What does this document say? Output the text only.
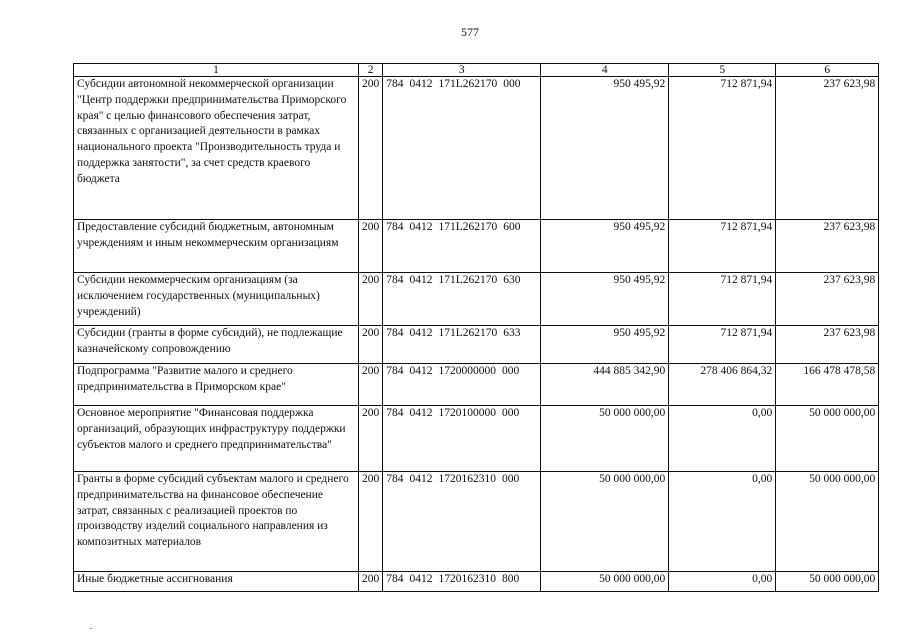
577
1	2	3	4	5	6
Субсидии автономной некоммерческой организации "Центр поддержки предпринимательства Приморского края" с целью финансового обеспечения затрат, связанных с организацией деятельности в рамках национального проекта "Производительность труда и поддержка занятости", за счет средств краевого бюджета	200	784 0412 171L262170 000	950 495,92	712 871,94	237 623,98
Предоставление субсидий бюджетным, автономным учреждениям и иным некоммерческим организациям	200	784 0412 171L262170 600	950 495,92	712 871,94	237 623,98
Субсидии некоммерческим организациям (за исключением государственных (муниципальных) учреждений)	200	784 0412 171L262170 630	950 495,92	712 871,94	237 623,98
Субсидии (гранты в форме субсидий), не подлежащие казначейскому сопровождению	200	784 0412 171L262170 633	950 495,92	712 871,94	237 623,98
Подпрограмма "Развитие малого и среднего предпринимательства в Приморском крае"	200	784 0412 1720000000 000	444 885 342,90	278 406 864,32	166 478 478,58
Основное мероприятие "Финансовая поддержка организаций, образующих инфраструктуру поддержки субъектов малого и среднего предпринимательства"	200	784 0412 1720100000 000	50 000 000,00	0,00	50 000 000,00
Гранты в форме субсидий субъектам малого и среднего предпринимательства на финансовое обеспечение затрат, связанных с реализацией проектов по производству изделий социального направления из композитных материалов	200	784 0412 1720162310 000	50 000 000,00	0,00	50 000 000,00
Иные бюджетные ассигнования	200	784 0412 1720162310 800	50 000 000,00	0,00	50 000 000,00
